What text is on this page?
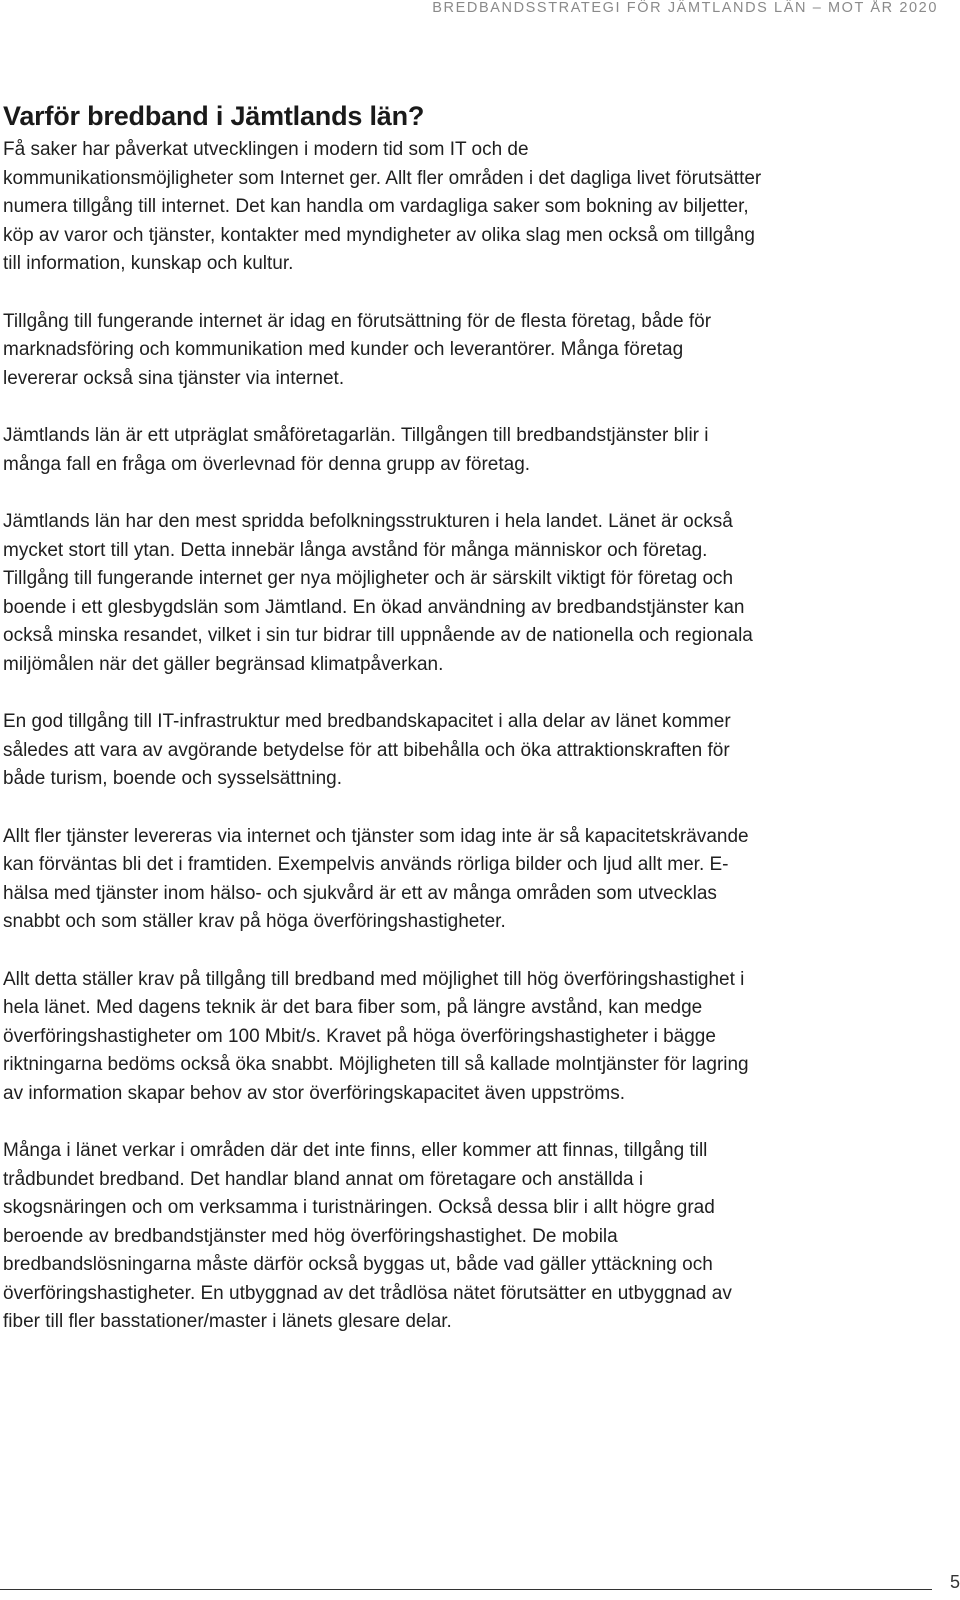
BREDBANDSSTRATEGI FÖR JÄMTLANDS LÄN – MOT ÅR 2020
Varför bredband i Jämtlands län?

Få saker har påverkat utvecklingen i modern tid som IT och de kommunikationsmöjligheter som Internet ger. Allt fler områden i det dagliga livet förutsätter numera tillgång till internet. Det kan handla om vardagliga saker som bokning av biljetter, köp av varor och tjänster, kontakter med myndigheter av olika slag men också om tillgång till information, kunskap och kultur.

Tillgång till fungerande internet är idag en förutsättning för de flesta företag, både för marknadsföring och kommunikation med kunder och leverantörer. Många företag levererar också sina tjänster via internet.

Jämtlands län är ett utpräglat småföretagarlän. Tillgången till bredbandstjänster blir i många fall en fråga om överlevnad för denna grupp av företag.

Jämtlands län har den mest spridda befolkningsstrukturen i hela landet. Länet är också mycket stort till ytan. Detta innebär långa avstånd för många människor och företag. Tillgång till fungerande internet ger nya möjligheter och är särskilt viktigt för företag och boende i ett glesbygdslän som Jämtland. En ökad användning av bredbandstjänster kan också minska resandet, vilket i sin tur bidrar till uppnående av de nationella och regionala miljömålen när det gäller begränsad klimatpåverkan.

En god tillgång till IT-infrastruktur med bredbandskapacitet i alla delar av länet kommer således att vara av avgörande betydelse för att bibehålla och öka attraktionskraften för både turism, boende och sysselsättning.

Allt fler tjänster levereras via internet och tjänster som idag inte är så kapacitetskrävande kan förväntas bli det i framtiden. Exempelvis används rörliga bilder och ljud allt mer. E-hälsa med tjänster inom hälso- och sjukvård är ett av många områden som utvecklas snabbt och som ställer krav på höga överföringshastigheter.

Allt detta ställer krav på tillgång till bredband med möjlighet till hög överföringshastighet i hela länet. Med dagens teknik är det bara fiber som, på längre avstånd, kan medge överföringshastigheter om 100 Mbit/s. Kravet på höga överföringshastigheter i bägge riktningarna bedöms också öka snabbt. Möjligheten till så kallade molntjänster för lagring av information skapar behov av stor överföringskapacitet även uppströms.

Många i länet verkar i områden där det inte finns, eller kommer att finnas, tillgång till trådbundet bredband. Det handlar bland annat om företagare och anställda i skogsnäringen och om verksamma i turistnäringen. Också dessa blir i allt högre grad beroende av bredbandstjänster med hög överföringshastighet. De mobila bredbandslösningarna måste därför också byggas ut, både vad gäller yttäckning och överföringshastigheter. En utbyggnad av det trådlösa nätet förutsätter en utbyggnad av fiber till fler basstationer/master i länets glesare delar.

5
